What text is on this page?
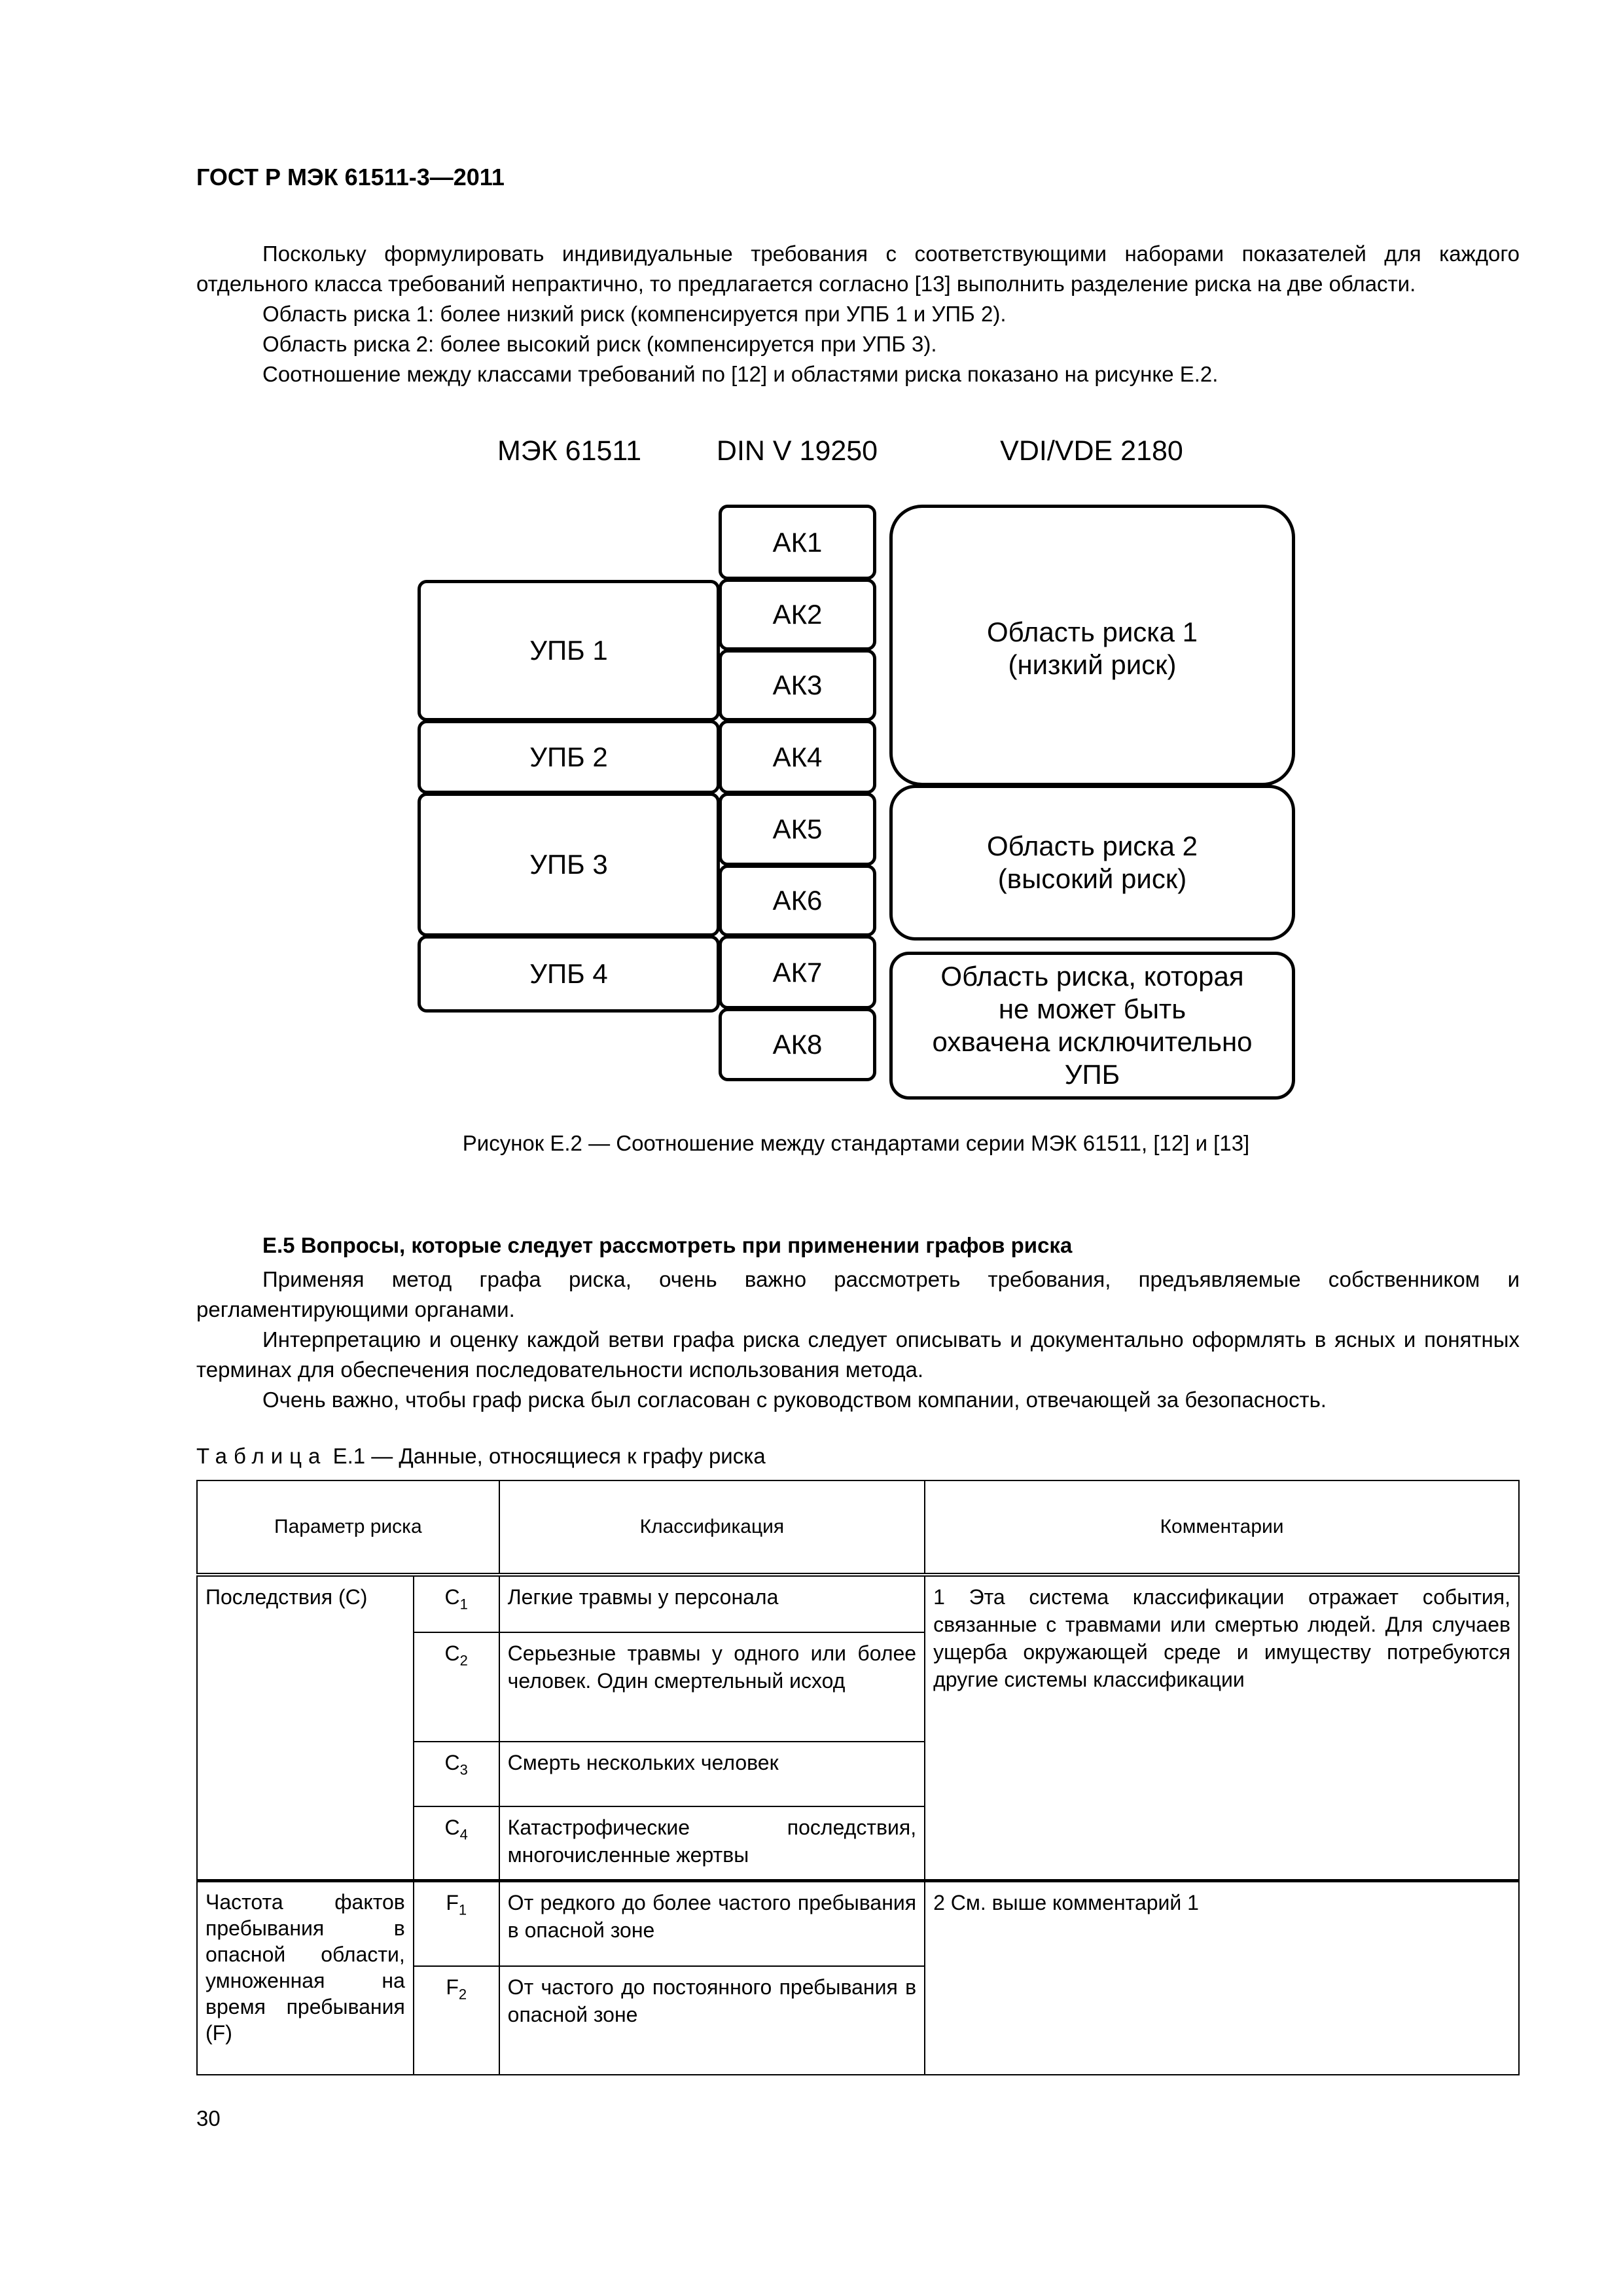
ГОСТ Р МЭК 61511-3—2011

Поскольку формулировать индивидуальные требования с соответствующими наборами показателей для каждого отдельного класса требований непрактично, то предлагается согласно [13] выполнить разделение риска на две области.

Область риска 1: более низкий риск (компенсируется при УПБ 1 и УПБ 2).

Область риска 2: более высокий риск (компенсируется при УПБ 3).

Соотношение между классами требований по [12] и областями риска показано на рисунке Е.2.

МЭК 61511	DIN V 19250	VDI/VDE 2180
УПБ 1
УПБ 2
УПБ 3
УПБ 4
АК1
АК2
АК3
АК4
АК5
АК6
АК7
АК8
Область риска 1
(низкий риск)
Область риска 2
(высокий риск)
Область риска, которая
не может быть
охвачена исключительно
УПБ
Рисунок Е.2 — Соотношение между стандартами серии МЭК 61511, [12] и [13]
Е.5 Вопросы, которые следует рассмотреть при применении графов риска

Применяя метод графа риска, очень важно рассмотреть требования, предъявляемые собственником и регламентирующими органами.

Интерпретацию и оценку каждой ветви графа риска следует описывать и документально оформлять в ясных и понятных терминах для обеспечения последовательности использования метода.

Очень важно, чтобы граф риска был согласован с руководством компании, отвечающей за безопасность.

Таблица Е.1 — Данные, относящиеся к графу риска
Параметр риска		Классификация	Комментарии
Последствия (С)	$C_1$	Легкие травмы у персонала	1 Эта система классификации отражает события, связанные с травмами или смертью людей. Для случаев ущерба окружающей среде и имуществу потребуются другие системы классификации
	$C_2$	Серьезные травмы у одного или более человек. Один смертельный исход	
	$C_3$	Смерть нескольких человек	
	$C_4$	Катастрофические последствия, многочисленные жертвы	
Частота фактов пребывания в опасной области, умноженная на время пребывания (F)	$F_1$	От редкого до более частого пребывания в опасной зоне	2 См. выше комментарий 1
	$F_2$	От частого до постоянного пребывания в опасной зоне	
30
